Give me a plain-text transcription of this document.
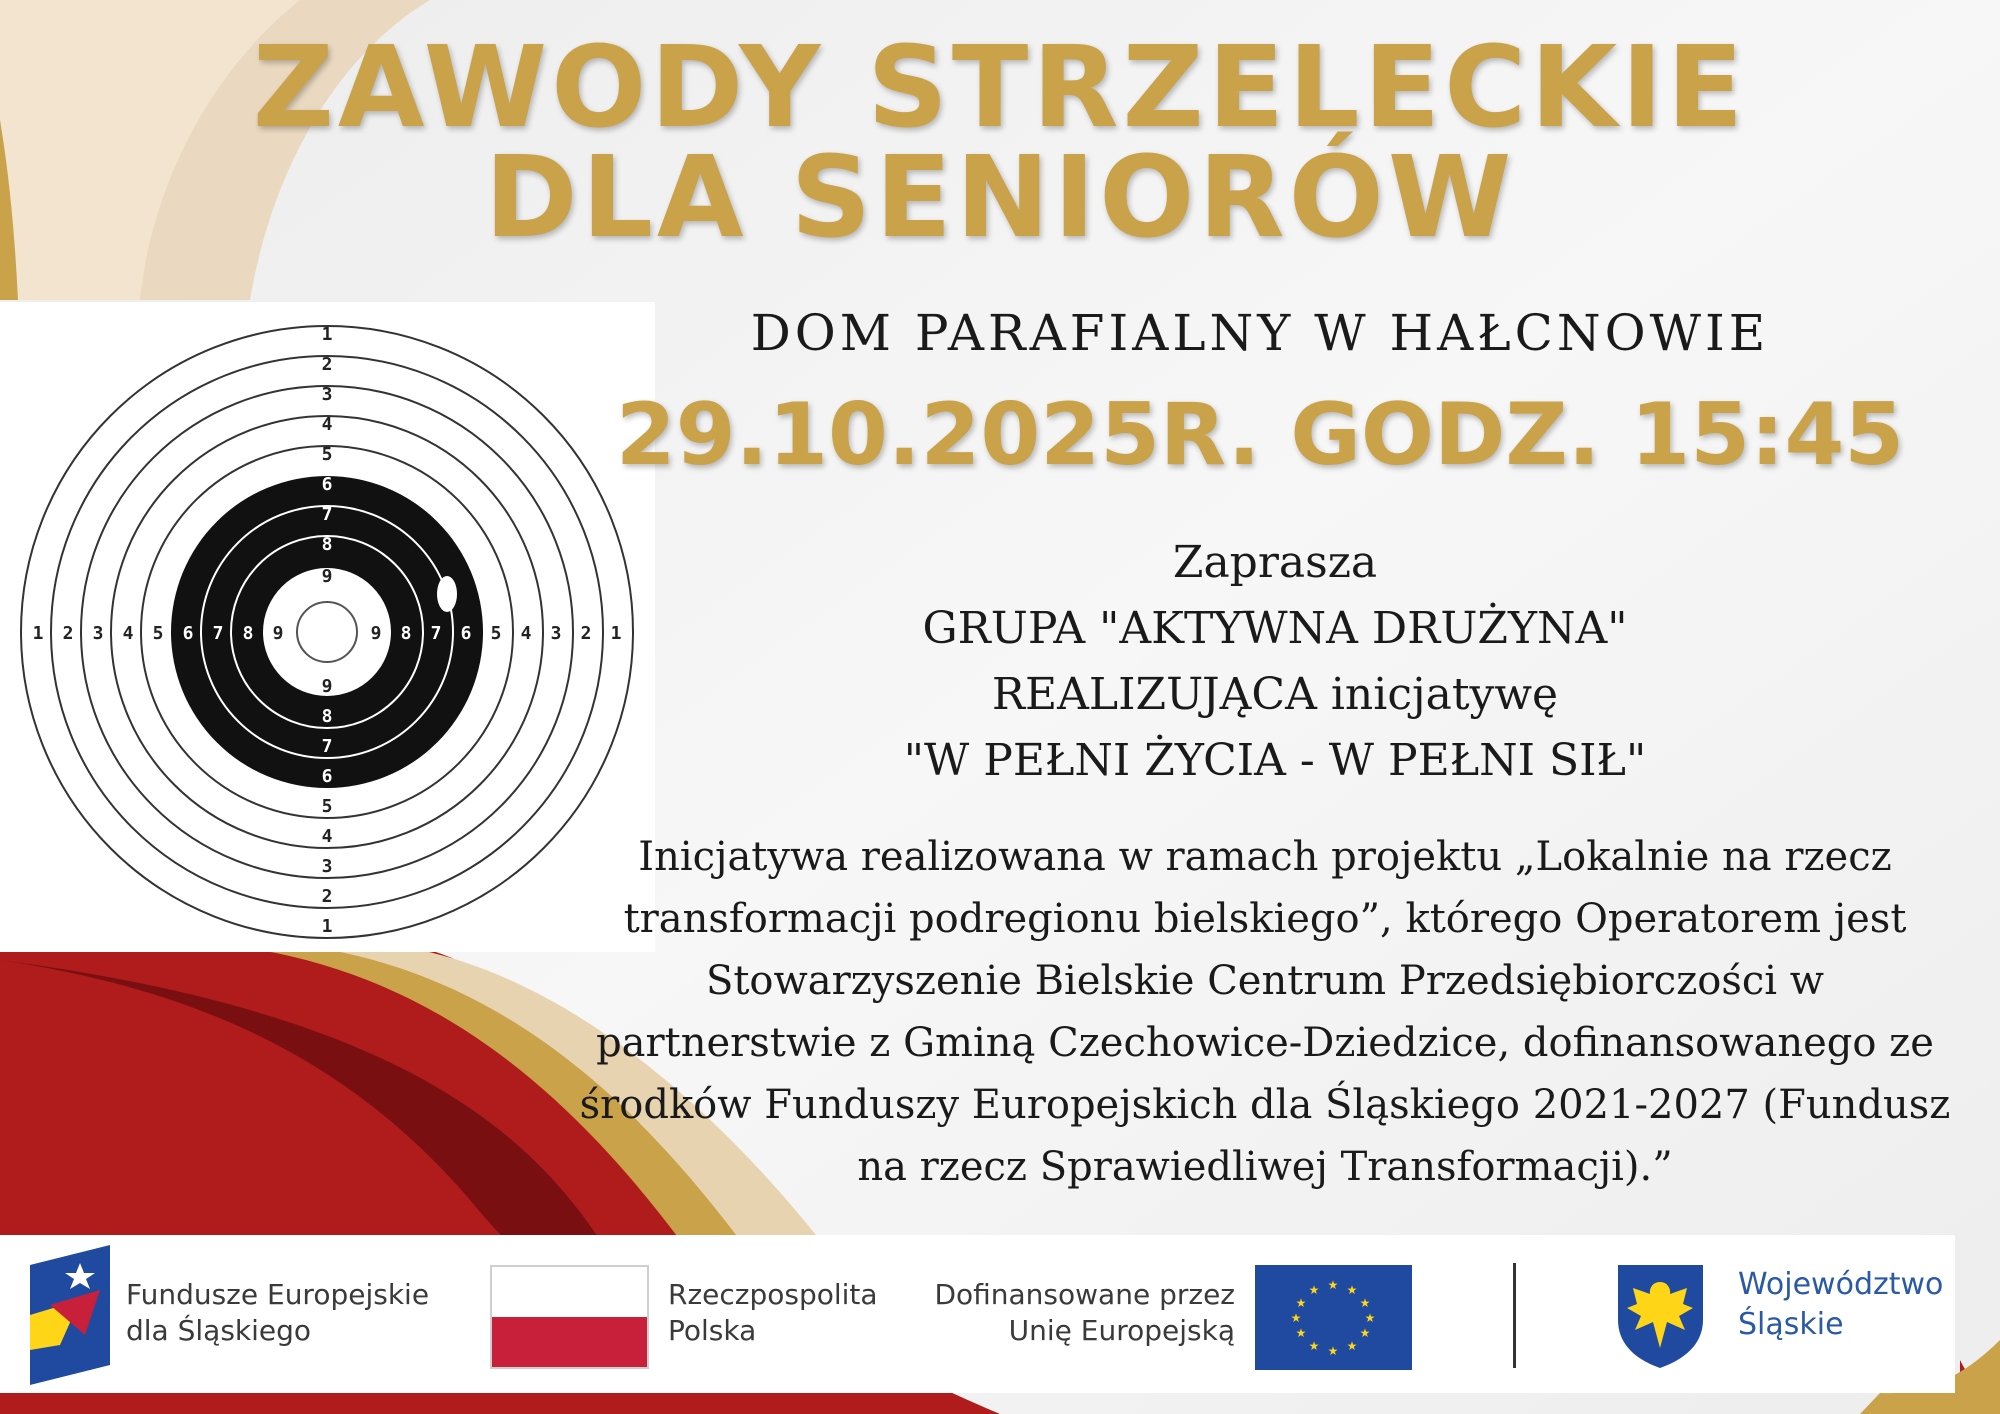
ZAWODY STRZELECKIE
DLA SENIORÓW
1
2
3
4
5
6
7
8
9
9
8
7
6
5
4
3
2
1
1 2 3 4 5 6 7 8 9	9 8 7 6 5 4 3 2 1
DOM PARAFIALNY W HAŁCNOWIE
29.10.2025R. GODZ. 15:45
Zaprasza
GRUPA "AKTYWNA DRUŻYNA"
REALIZUJĄCA inicjatywę
"W PEŁNI ŻYCIA - W PEŁNI SIŁ"
Inicjatywa realizowana w ramach projektu „Lokalnie na rzecz
transformacji podregionu bielskiego”, którego Operatorem jest
Stowarzyszenie Bielskie Centrum Przedsiębiorczości w
partnerstwie z Gminą Czechowice-Dziedzice, dofinansowanego ze
środków Funduszy Europejskich dla Śląskiego 2021-2027 (Fundusz
na rzecz Sprawiedliwej Transformacji).”
Fundusze Europejskie
dla Śląskiego
Rzeczpospolita
Polska
Dofinansowane przez
Unię Europejską
★ ★
★
★
★
★
★
★
★
★
★
★	Województwo
Śląskie
